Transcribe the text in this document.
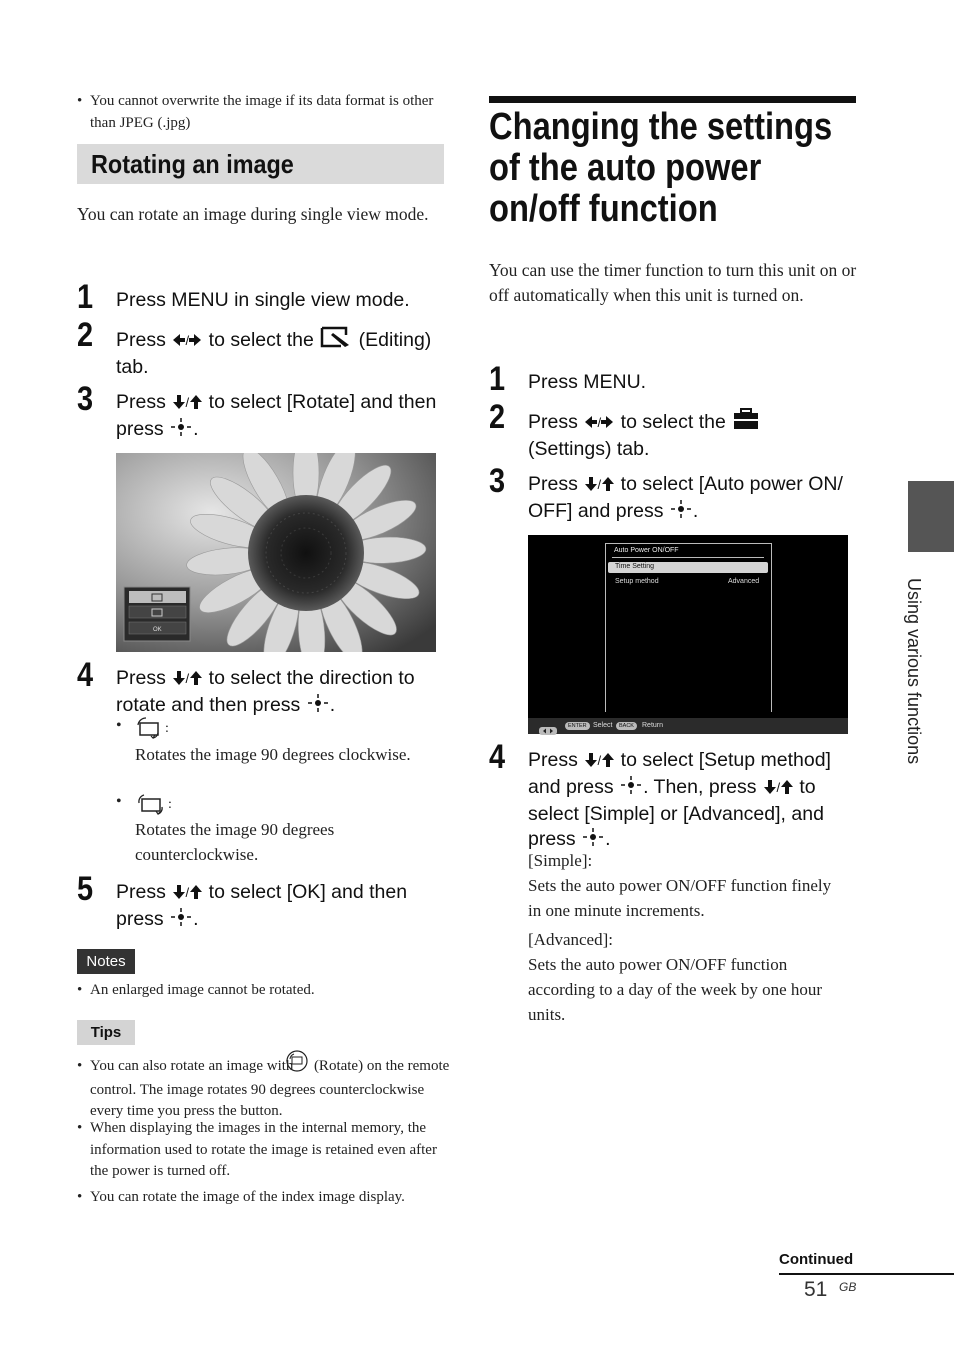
• You cannot overwrite the image if its data format is other than JPEG (.jpg)
Rotating an image
You can rotate an image during single view mode.
1 Press MENU in single view mode.
2 Press / to select the  (Editing) tab.
3 Press / to select [Rotate] and then press .
OK
4 Press / to select the direction to rotate and then press .
•	:
Rotates the image 90 degrees clockwise.
•	:
Rotates the image 90 degrees counterclockwise.
5 Press / to select [OK] and then press .
Notes
• An enlarged image cannot be rotated.
Tips
• You can also rotate an image with  (Rotate) on the remote control. The image rotates 90 degrees counterclockwise every time you press the button.
• When displaying the images in the internal memory, the information used to rotate the image is retained even after the power is turned off.
• You can rotate the image of the index image display.
Changing the settings of the auto power on/off function
You can use the timer function to turn this unit on or off automatically when this unit is turned on.
1 Press MENU.
2 Press / to select the
(Settings) tab.
3 Press / to select [Auto power ON/ OFF] and press .
Auto Power ON/OFF
Time Setting
Setup method	Advanced
ENTER Select	BACK	Return
4 Press / to select [Setup method] and press . Then, press / to select [Simple] or [Advanced], and press .
[Simple]:
Sets the auto power ON/OFF function finely in one minute increments.
[Advanced]:
Sets the auto power ON/OFF function according to a day of the week by one hour units.
Using various functions
Continued
51 GB
